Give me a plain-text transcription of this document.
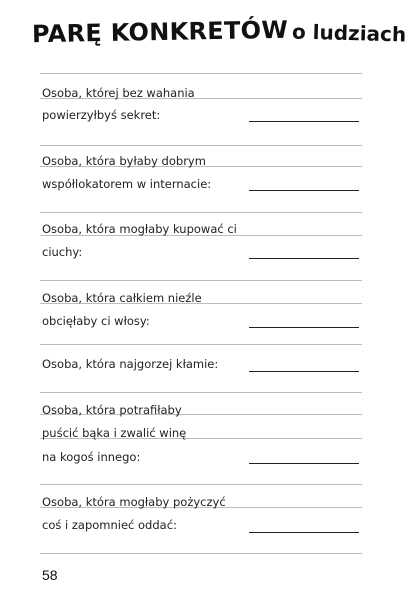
PARĘ KONKRETÓW o ludziach
Osoba, której bez wahania
powierzyłbyś sekret:
Osoba, która byłaby dobrym
współlokatorem w internacie:
Osoba, która mogłaby kupować ci
ciuchy:
Osoba, która całkiem nieźle
obcięłaby ci włosy:
Osoba, która najgorzej kłamie:
Osoba, która potrafiłaby
puścić bąka i zwalić winę
na kogoś innego:
Osoba, która mogłaby pożyczyć
coś i zapomnieć oddać:
58
